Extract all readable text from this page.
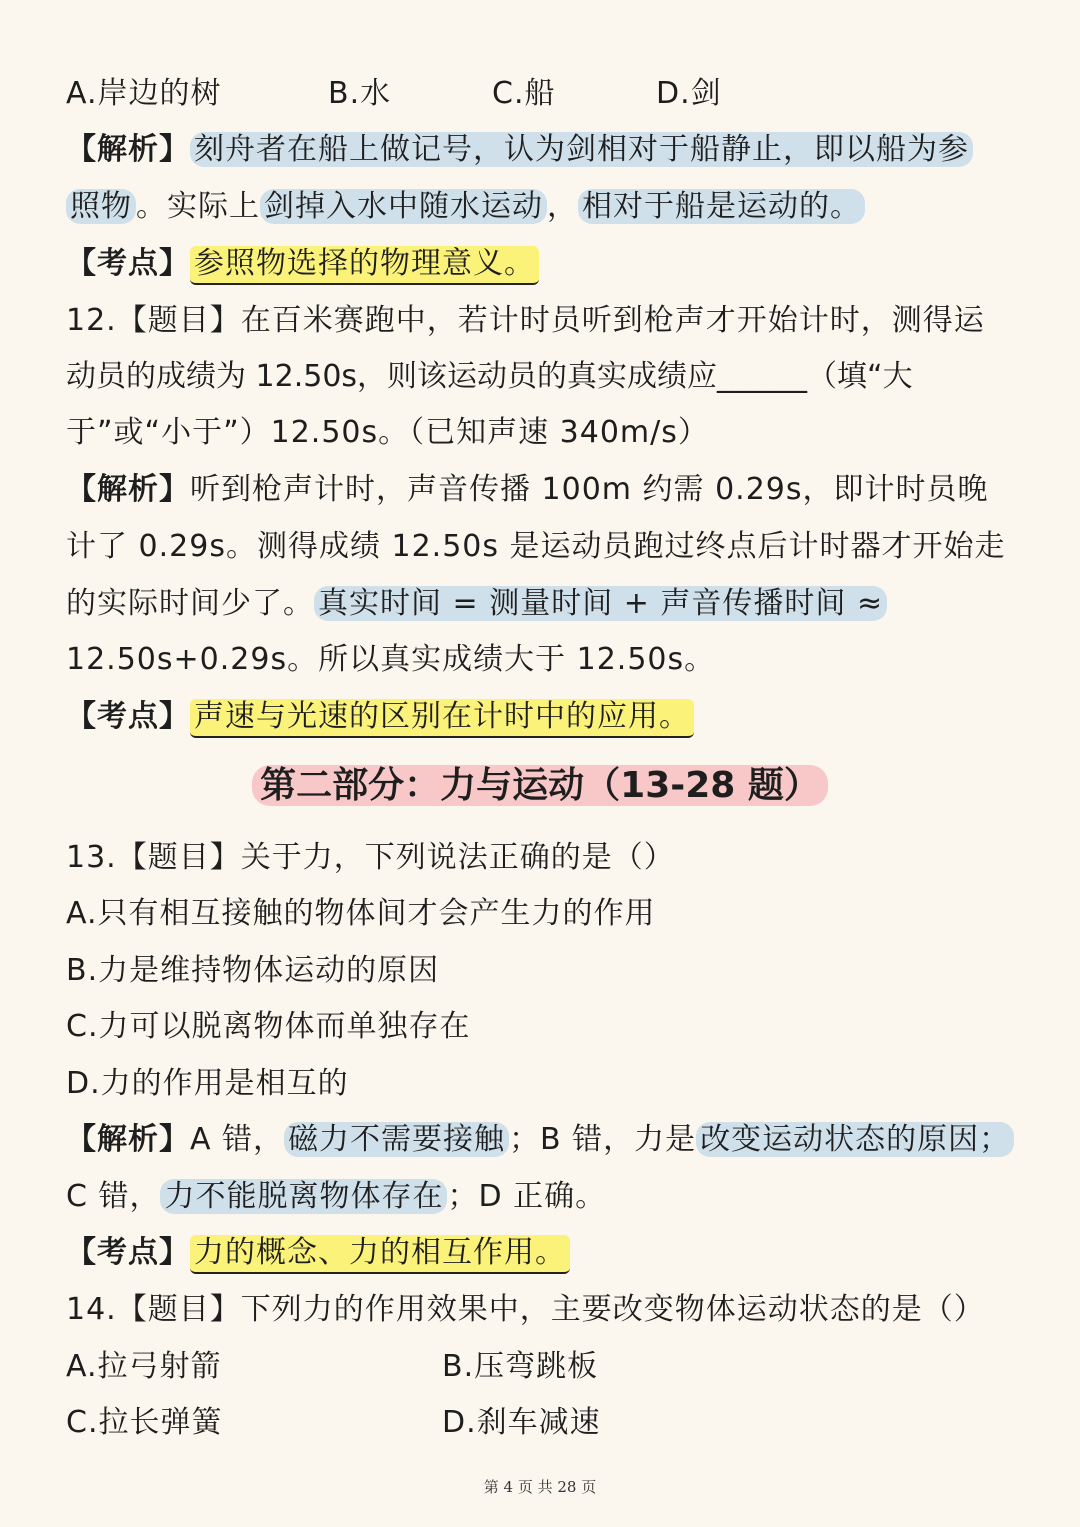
A.岸边的树	B.水	C.船	D.剑
【解析】 刻舟者在船上做记号，认为剑相对于船静止，即以船为参
照物 。实际上 剑掉入水中随水运动 ， 相对于船是运动的。
【考点】 参照物选择的物理意义。
12.【题目】在百米赛跑中，若计时员听到枪声才开始计时，测得运
动员的成绩为 12.50s，则该运动员的真实成绩应______（填“大
于”或“小于”）12.50s。（已知声速 340m/s）
【解析】听到枪声计时，声音传播 100m 约需 0.29s，即计时员晚
计了 0.29s。测得成绩 12.50s 是运动员跑过终点后计时器才开始走
的实际时间少了。 真实时间 = 测量时间 + 声音传播时间 ≈
12.50s+0.29s。所以真实成绩大于 12.50s。
【考点】 声速与光速的区别在计时中的应用。
第二部分：力与运动（13-28 题）
13.【题目】关于力，下列说法正确的是（）
A.只有相互接触的物体间才会产生力的作用
B.力是维持物体运动的原因
C.力可以脱离物体而单独存在
D.力的作用是相互的
【解析】A 错， 磁力不需要接触 ；B 错，力是 改变运动状态的原因；
C 错， 力不能脱离物体存在 ；D 正确。
【考点】 力的概念、力的相互作用。
14.【题目】下列力的作用效果中，主要改变物体运动状态的是（）
A.拉弓射箭	B.压弯跳板
C.拉长弹簧	D.刹车减速
第 4 页 共 28 页
